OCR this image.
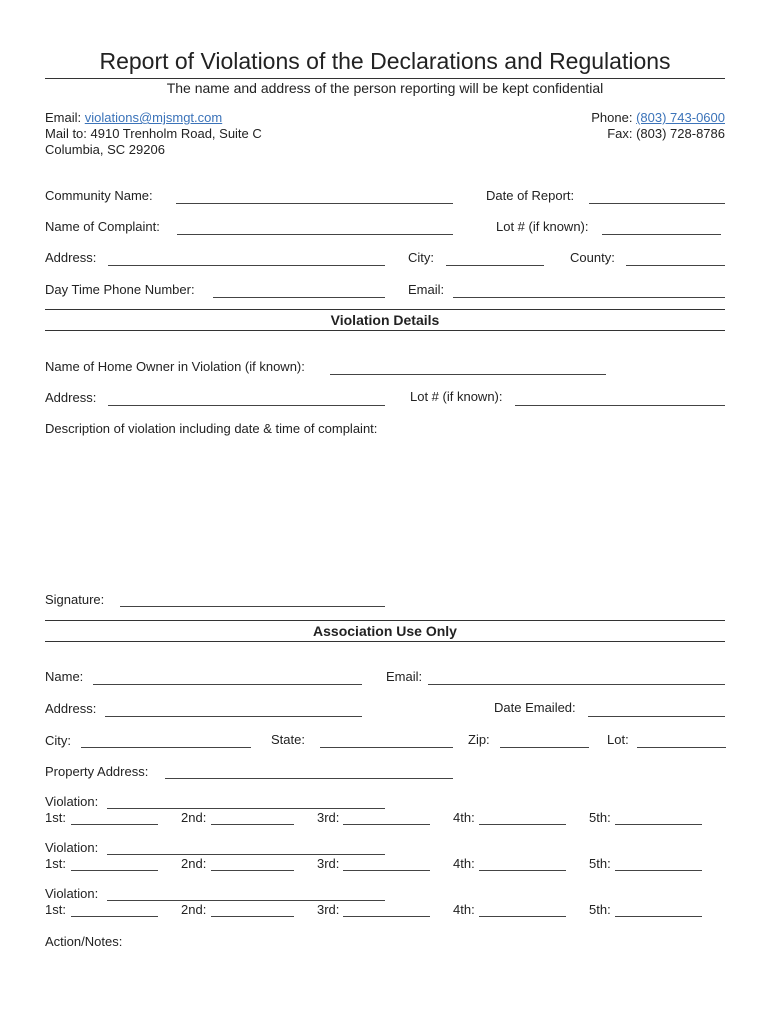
Report of Violations of the Declarations and Regulations
The name and address of the person reporting will be kept confidential
Email: violations@mjsmgt.com
Mail to: 4910 Trenholm Road, Suite C
Columbia, SC 29206
Phone: (803) 743-0600
Fax: (803) 728-8786
Community Name:	Date of Report:
Name of Complaint:	Lot # (if known):
Address:	City:	County:
Day Time Phone Number:	Email:
Violation Details
Name of Home Owner in Violation (if known):
Address:	Lot # (if known):
Description of violation including date & time of complaint:
Signature:
Association Use Only
Name:	Email:
Address:	Date Emailed:
City:	State:	Zip:	Lot:
Property Address:
Violation:
1st:	2nd:	3rd:	4th:	5th:
Violation:
1st:	2nd:	3rd:	4th:	5th:
Violation:
1st:	2nd:	3rd:	4th:	5th:
Action/Notes:
